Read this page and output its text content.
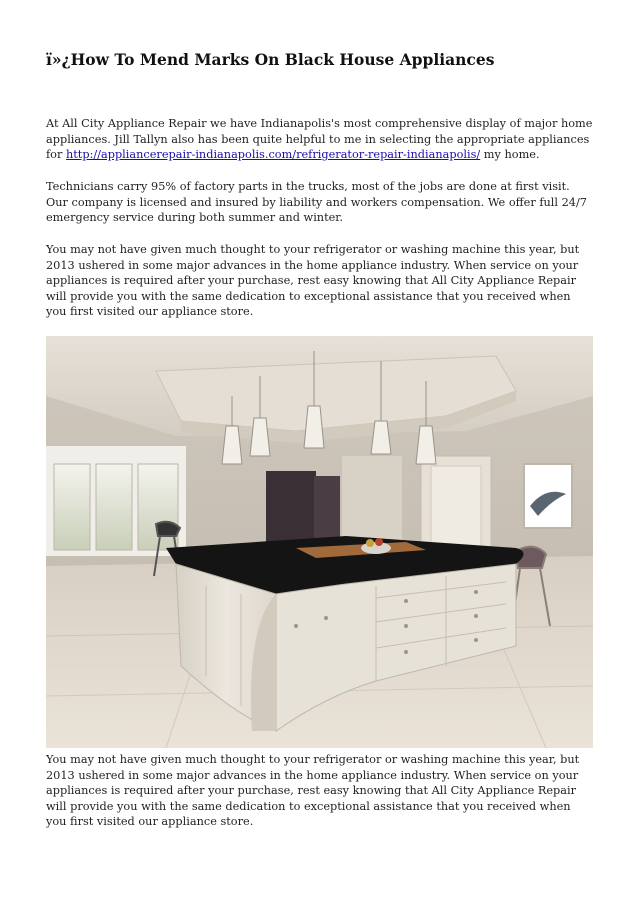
ï»¿How To Mend Marks On Black House Appliances

At All City Appliance Repair we have Indianapolis's most comprehensive display of major home appliances. Jill Tallyn also has been quite helpful to me in selecting the appropriate appliances for http://appliancerepair-indianapolis.com/refrigerator-repair-indianapolis/ my home.

Technicians carry 95% of factory parts in the trucks, most of the jobs are done at first visit. Our company is licensed and insured by liability and workers compensation. We offer full 24/7 emergency service during both summer and winter.

You may not have given much thought to your refrigerator or washing machine this year, but 2013 ushered in some major advances in the home appliance industry. When service on your appliances is required after your purchase, rest easy knowing that All City Appliance Repair will provide you with the same dedication to exceptional assistance that you received when you first visited our appliance store.

You may not have given much thought to your refrigerator or washing machine this year, but 2013 ushered in some major advances in the home appliance industry. When service on your appliances is required after your purchase, rest easy knowing that All City Appliance Repair will provide you with the same dedication to exceptional assistance that you received when you first visited our appliance store.
